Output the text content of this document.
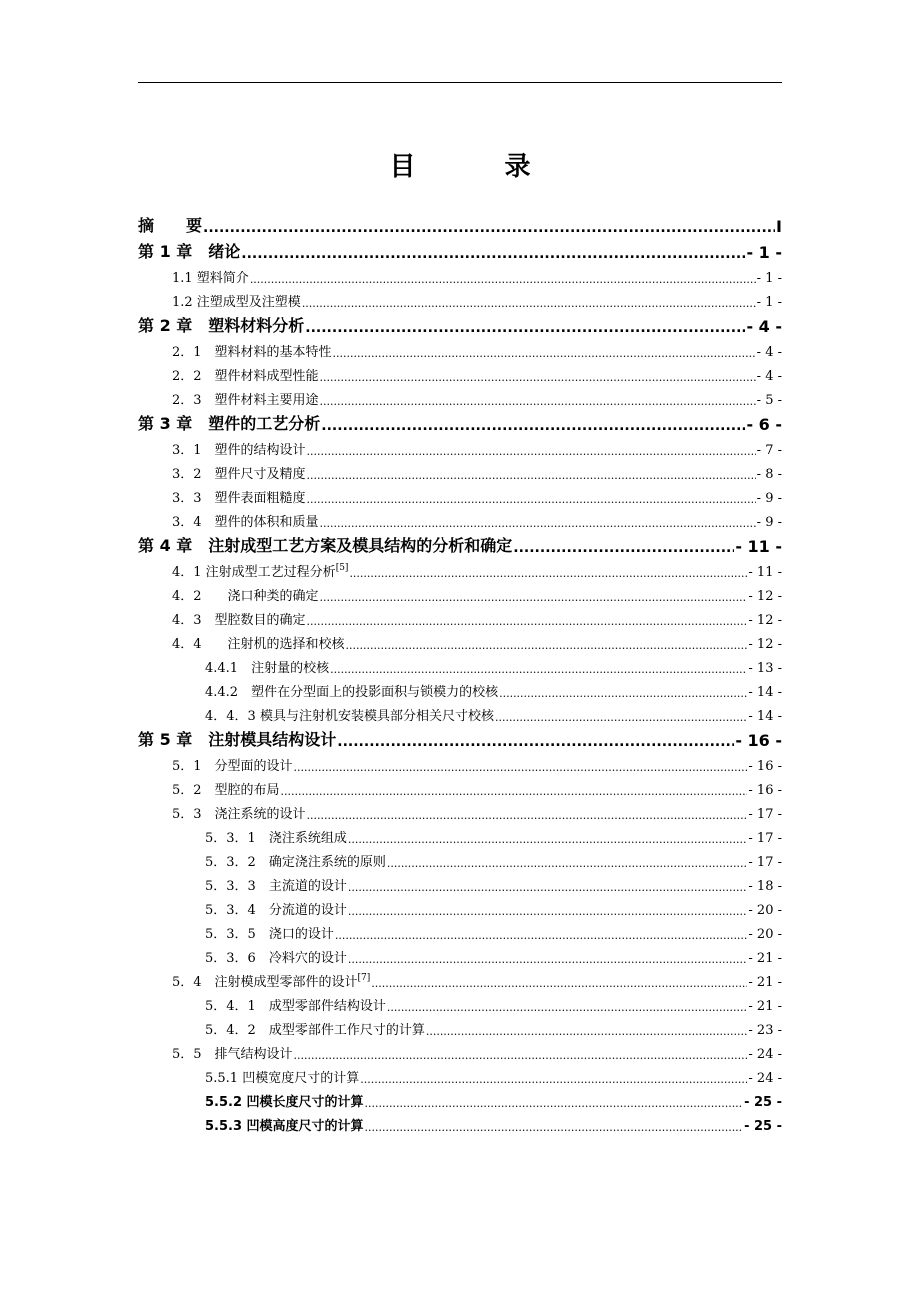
目 录
摘　　要 .....	I
第 1 章　绪论 .....	- 1 -
1.1 塑料简介 .....	- 1 -
1.2 注塑成型及注塑模 .....	- 1 -
第 2 章　塑料材料分析 .....	- 4 -
2．1　塑料材料的基本特性 .....	- 4 -
2．2　塑件材料成型性能 .....	- 4 -
2．3　塑件材料主要用途 .....	- 5 -
第 3 章　塑件的工艺分析 .....	- 6 -
3．1　塑件的结构设计 .....	- 7 -
3．2　塑件尺寸及精度 .....	- 8 -
3．3　塑件表面粗糙度 .....	- 9 -
3．4　塑件的体积和质量 .....	- 9 -
第 4 章　注射成型工艺方案及模具结构的分析和确定 .....	- 11 -
4．1 注射成型工艺过程分析[5] .....	- 11 -
4．2　　浇口种类的确定 .....	- 12 -
4．3　型腔数目的确定 .....	- 12 -
4．4　　注射机的选择和校核 .....	- 12 -
4.4.1　注射量的校核 .....	- 13 -
4.4.2　塑件在分型面上的投影面积与锁模力的校核 .....	- 14 -
4．4．3 模具与注射机安装模具部分相关尺寸校核 .....	- 14 -
第 5 章　注射模具结构设计 .....	- 16 -
5．1　分型面的设计 .....	- 16 -
5．2　型腔的布局 .....	- 16 -
5．3　浇注系统的设计 .....	- 17 -
5．3．1　浇注系统组成 .....	- 17 -
5．3．2　确定浇注系统的原则 .....	- 17 -
5．3．3　主流道的设计 .....	- 18 -
5．3．4　分流道的设计 .....	- 20 -
5．3．5　浇口的设计 .....	- 20 -
5．3．6　冷料穴的设计 .....	- 21 -
5．4　注射模成型零部件的设计[7] .....	- 21 -
5．4．1　成型零部件结构设计 .....	- 21 -
5．4．2　成型零部件工作尺寸的计算 .....	- 23 -
5．5　排气结构设计 .....	- 24 -
5.5.1 凹模宽度尺寸的计算 .....	- 24 -
5.5.2 凹模长度尺寸的计算 .....	- 25 -
5.5.3 凹模高度尺寸的计算 .....	- 25 -
